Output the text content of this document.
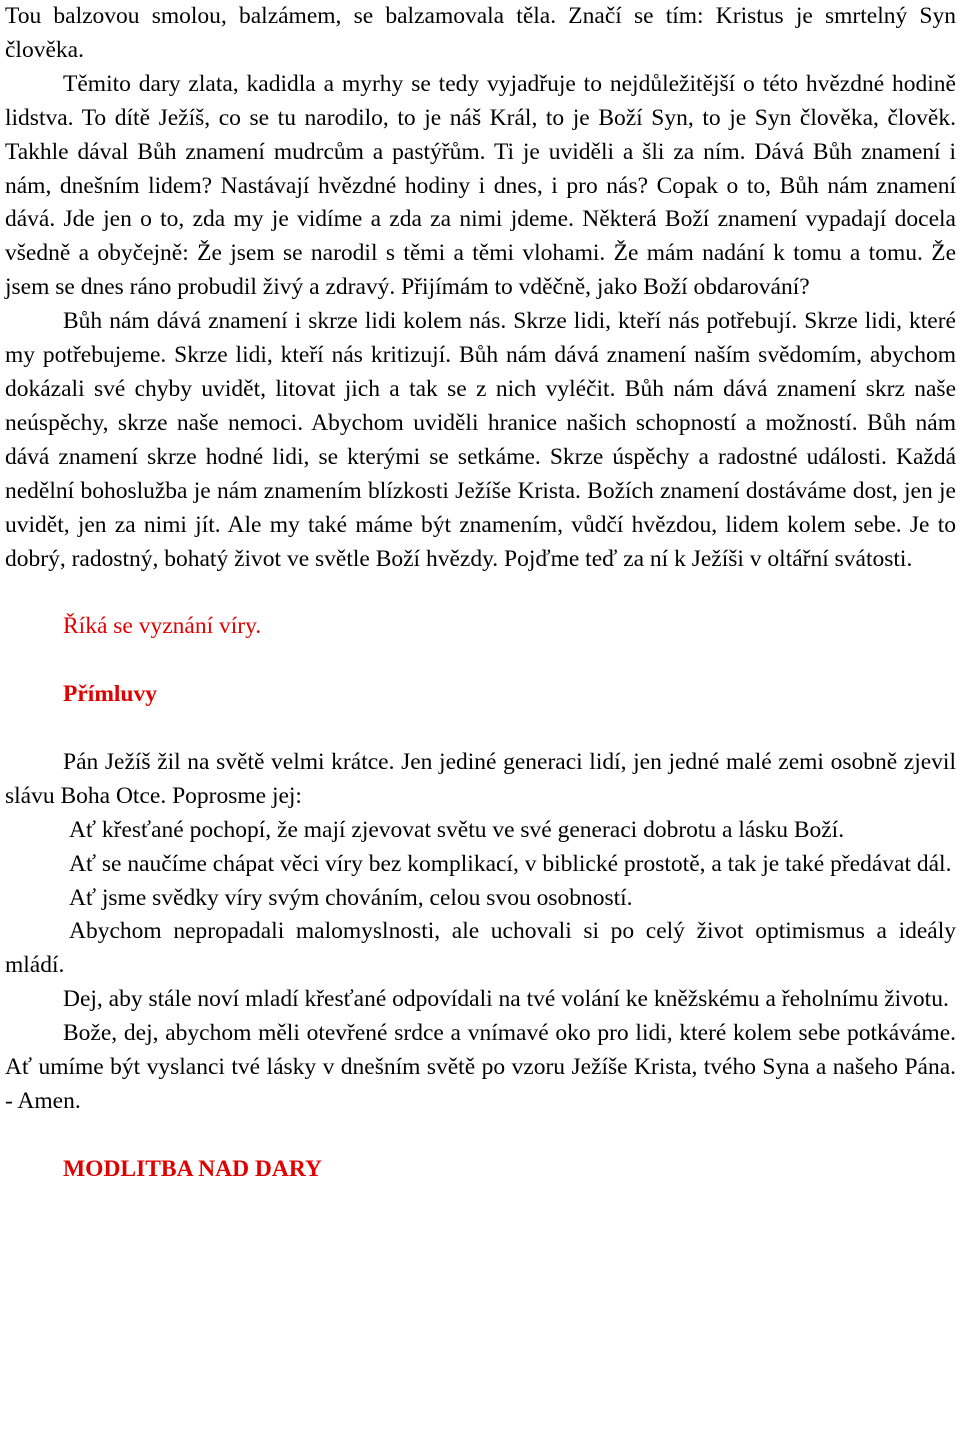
Tou balzovou smolou, balzámem, se balzamovala těla. Značí se tím: Kristus je smrtelný Syn člověka.

Těmito dary zlata, kadidla a myrhy se tedy vyjadřuje to nejdůležitější o této hvězdné hodině lidstva. To dítě Ježíš, co se tu narodilo, to je náš Král, to je Boží Syn, to je Syn člověka, člověk. Takhle dával Bůh znamení mudrcům a pastýřům. Ti je uviděli a šli za ním. Dává Bůh znamení i nám, dnešním lidem? Nastávají hvězdné hodiny i dnes, i pro nás? Copak o to, Bůh nám znamení dává. Jde jen o to, zda my je vidíme a zda za nimi jdeme. Některá Boží znamení vypadají docela všedně a obyčejně: Že jsem se narodil s těmi a těmi vlohami. Že mám nadání k tomu a tomu. Že jsem se dnes ráno probudil živý a zdravý. Přijímám to vděčně, jako Boží obdarování?

Bůh nám dává znamení i skrze lidi kolem nás. Skrze lidi, kteří nás potřebují. Skrze lidi, které my potřebujeme. Skrze lidi, kteří nás kritizují. Bůh nám dává znamení naším svědomím, abychom dokázali své chyby uvidět, litovat jich a tak se z nich vyléčit. Bůh nám dává znamení skrz naše neúspěchy, skrze naše nemoci. Abychom uviděli hranice našich schopností a možností. Bůh nám dává znamení skrze hodné lidi, se kterými se setkáme. Skrze úspěchy a radostné události. Každá nedělní bohoslužba je nám znamením blízkosti Ježíše Krista. Božích znamení dostáváme dost, jen je uvidět, jen za nimi jít. Ale my také máme být znamením, vůdčí hvězdou, lidem kolem sebe. Je to dobrý, radostný, bohatý život ve světle Boží hvězdy. Pojďme teď za ní k Ježíši v oltářní svátosti.

Říká se vyznání víry.

Přímluvy

Pán Ježíš žil na světě velmi krátce. Jen jediné generaci lidí, jen jedné malé zemi osobně zjevil slávu Boha Otce. Poprosme jej:

Ať křesťané pochopí, že mají zjevovat světu ve své generaci dobrotu a lásku Boží.

Ať se naučíme chápat věci víry bez komplikací, v biblické prostotě, a tak je také předávat dál.

Ať jsme svědky víry svým chováním, celou svou osobností.

Abychom nepropadali malomyslnosti, ale uchovali si po celý život optimismus a ideály mládí.

Dej, aby stále noví mladí křesťané odpovídali na tvé volání ke kněžskému a řeholnímu životu.

Bože, dej, abychom měli otevřené srdce a vnímavé oko pro lidi, které kolem sebe potkáváme. Ať umíme být vyslanci tvé lásky v dnešním světě po vzoru Ježíše Krista, tvého Syna a našeho Pána. - Amen.

MODLITBA NAD DARY
